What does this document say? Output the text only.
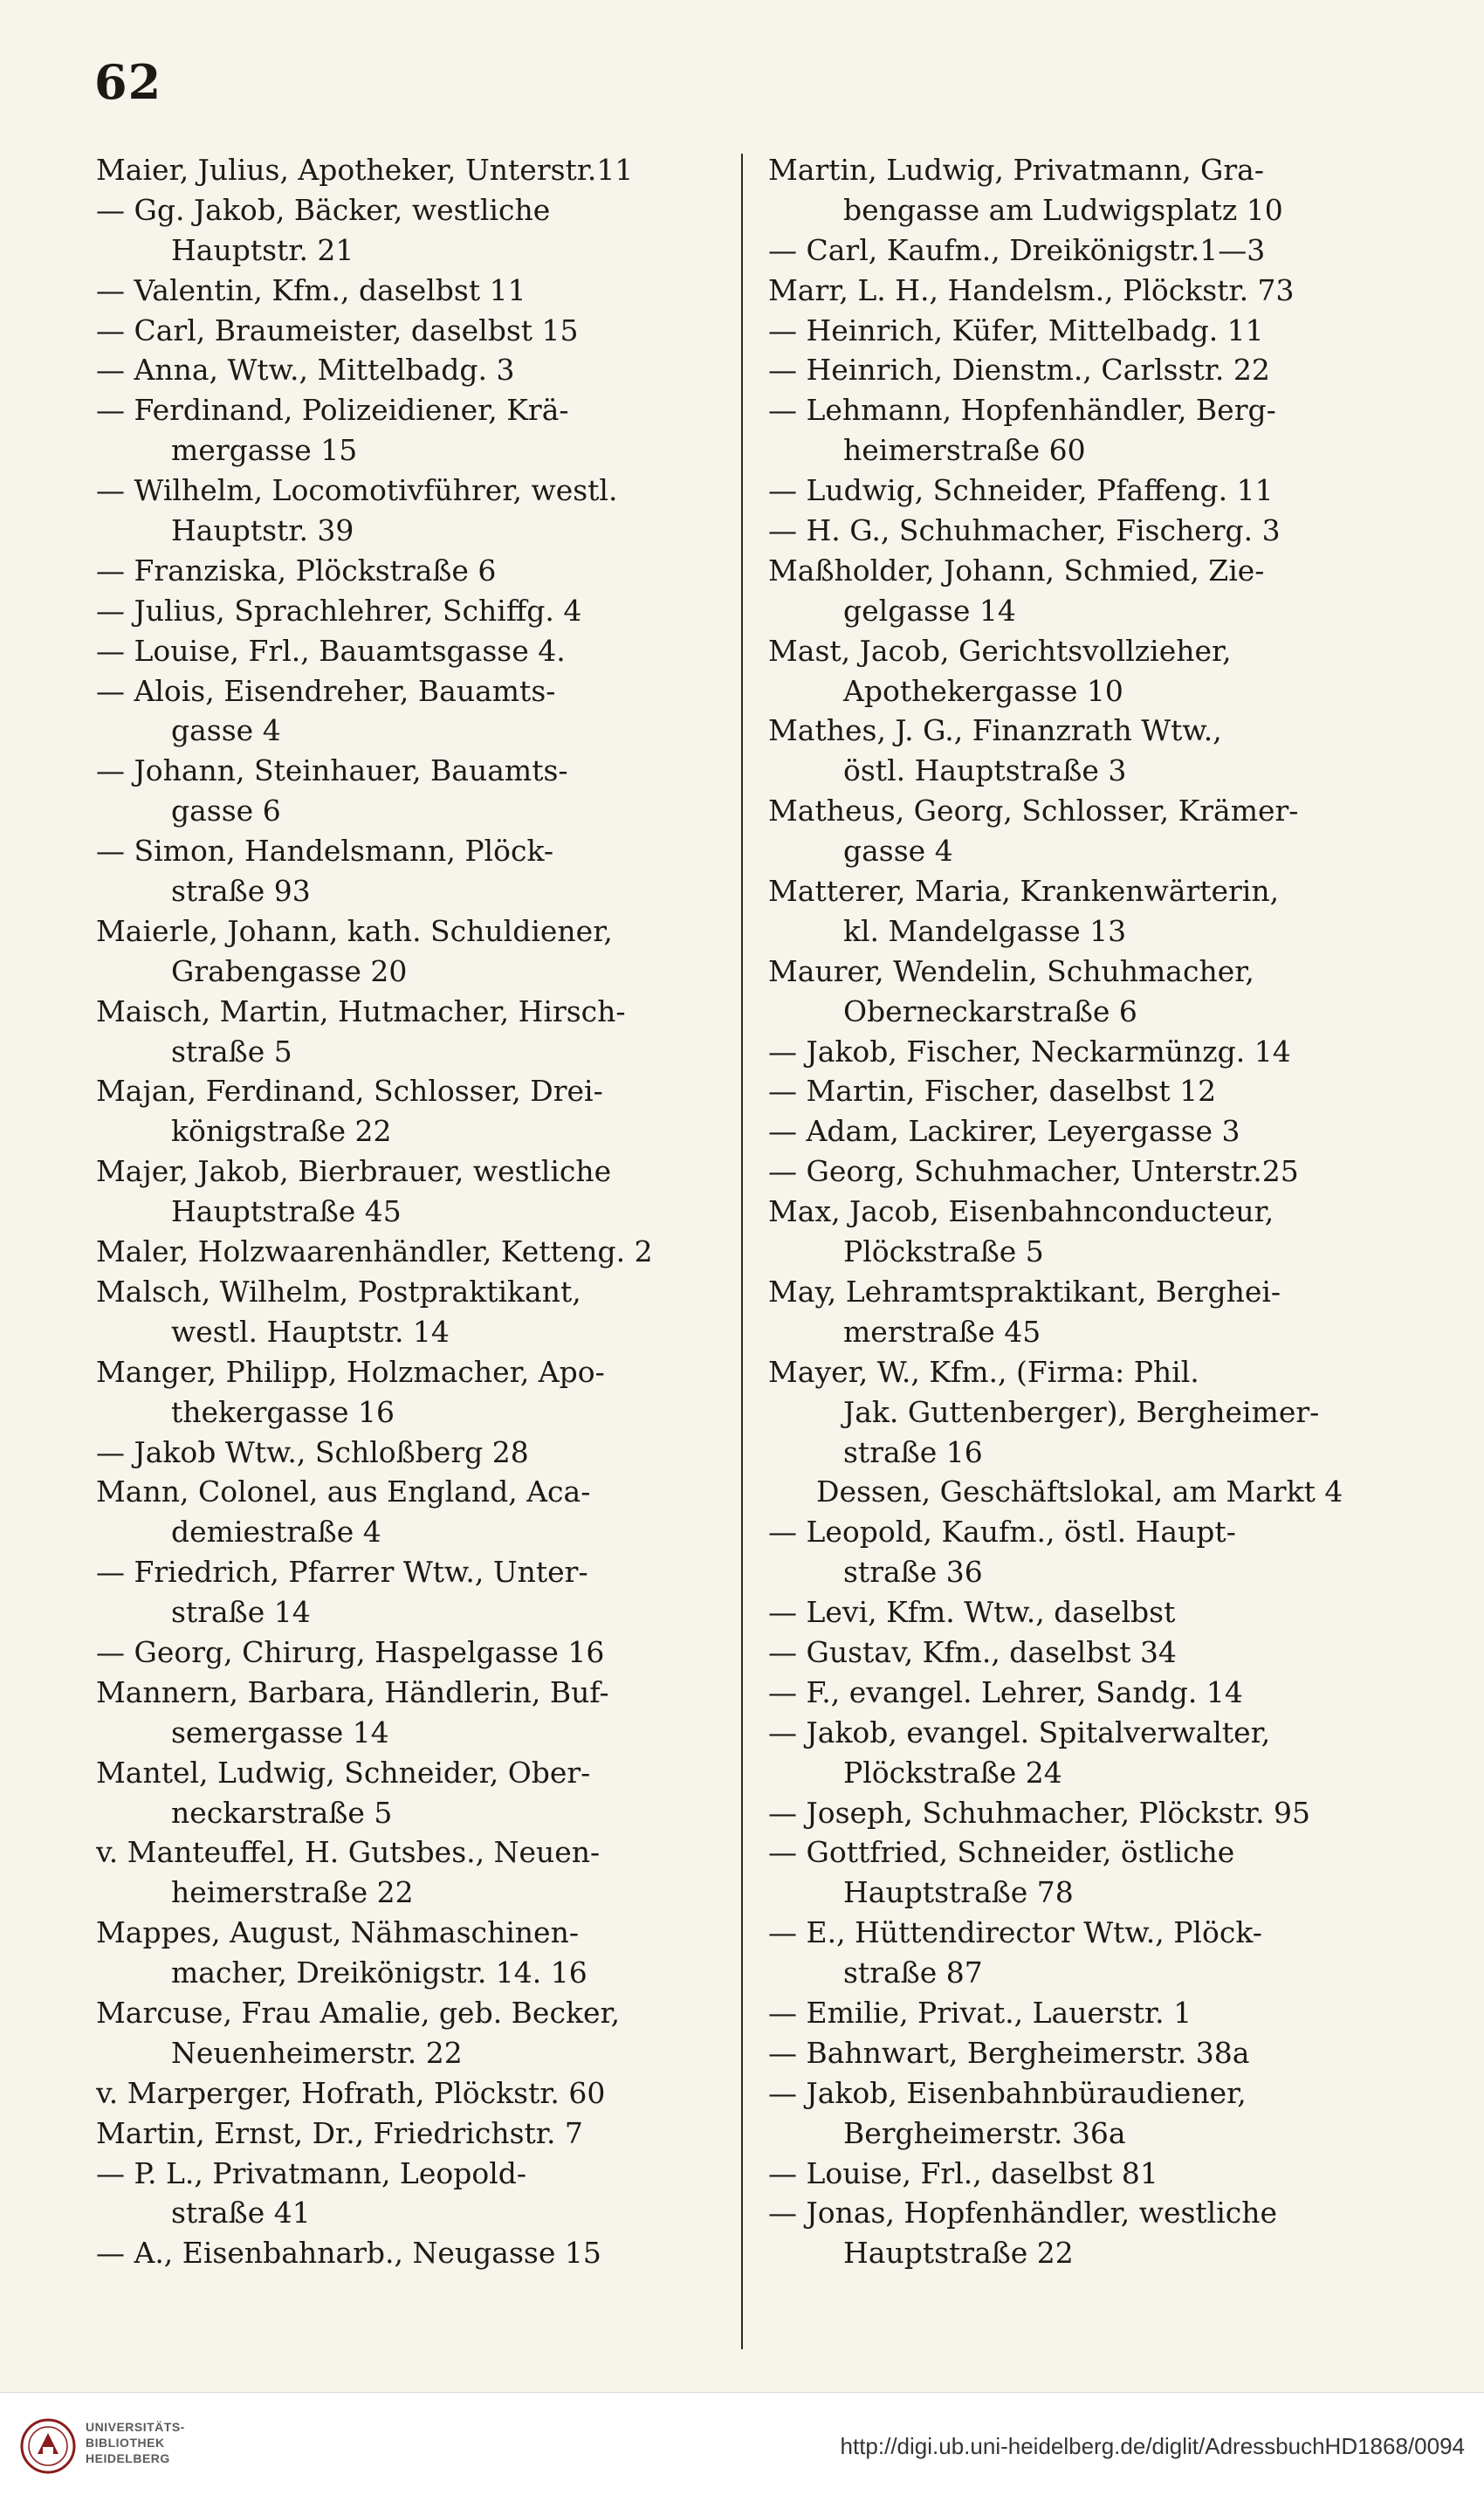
62
Maier, Julius, Apotheker, Unterstr.11
— Gg. Jakob, Bäcker, westliche
Hauptstr. 21
— Valentin, Kfm., daselbst 11
— Carl, Braumeister, daselbst 15
— Anna, Wtw., Mittelbadg. 3
— Ferdinand, Polizeidiener, Krä-
mergasse 15
— Wilhelm, Locomotivführer, westl.
Hauptstr. 39
— Franziska, Plöckstraße 6
— Julius, Sprachlehrer, Schiffg. 4
— Louise, Frl., Bauamtsgasse 4.
— Alois, Eisendreher, Bauamts-
gasse 4
— Johann, Steinhauer, Bauamts-
gasse 6
— Simon, Handelsmann, Plöck-
straße 93
Maierle, Johann, kath. Schuldiener,
Grabengasse 20
Maisch, Martin, Hutmacher, Hirsch-
straße 5
Majan, Ferdinand, Schlosser, Drei-
königstraße 22
Majer, Jakob, Bierbrauer, westliche
Hauptstraße 45
Maler, Holzwaarenhändler, Ketteng. 2
Malsch, Wilhelm, Postpraktikant,
westl. Hauptstr. 14
Manger, Philipp, Holzmacher, Apo-
thekergasse 16
— Jakob Wtw., Schloßberg 28
Mann, Colonel, aus England, Aca-
demiestraße 4
— Friedrich, Pfarrer Wtw., Unter-
straße 14
— Georg, Chirurg, Haspelgasse 16
Mannern, Barbara, Händlerin, Buf-
semergasse 14
Mantel, Ludwig, Schneider, Ober-
neckarstraße 5
v. Manteuffel, H. Gutsbes., Neuen-
heimerstraße 22
Mappes, August, Nähmaschinen-
macher, Dreikönigstr. 14. 16
Marcuse, Frau Amalie, geb. Becker,
Neuenheimerstr. 22
v. Marperger, Hofrath, Plöckstr. 60
Martin, Ernst, Dr., Friedrichstr. 7
— P. L., Privatmann, Leopold-
straße 41
— A., Eisenbahnarb., Neugasse 15
Martin, Ludwig, Privatmann, Gra-
bengasse am Ludwigsplatz 10
— Carl, Kaufm., Dreikönigstr.1—3
Marr, L. H., Handelsm., Plöckstr. 73
— Heinrich, Küfer, Mittelbadg. 11
— Heinrich, Dienstm., Carlsstr. 22
— Lehmann, Hopfenhändler, Berg-
heimerstraße 60
— Ludwig, Schneider, Pfaffeng. 11
— H. G., Schuhmacher, Fischerg. 3
Maßholder, Johann, Schmied, Zie-
gelgasse 14
Mast, Jacob, Gerichtsvollzieher,
Apothekergasse 10
Mathes, J. G., Finanzrath Wtw.,
östl. Hauptstraße 3
Matheus, Georg, Schlosser, Krämer-
gasse 4
Matterer, Maria, Krankenwärterin,
kl. Mandelgasse 13
Maurer, Wendelin, Schuhmacher,
Oberneckarstraße 6
— Jakob, Fischer, Neckarmünzg. 14
— Martin, Fischer, daselbst 12
— Adam, Lackirer, Leyergasse 3
— Georg, Schuhmacher, Unterstr.25
Max, Jacob, Eisenbahnconducteur,
Plöckstraße 5
May, Lehramtspraktikant, Berghei-
merstraße 45
Mayer, W., Kfm., (Firma: Phil.
Jak. Guttenberger), Bergheimer-
straße 16
Dessen, Geschäftslokal, am Markt 4
— Leopold, Kaufm., östl. Haupt-
straße 36
— Levi, Kfm. Wtw., daselbst
— Gustav, Kfm., daselbst 34
— F., evangel. Lehrer, Sandg. 14
— Jakob, evangel. Spitalverwalter,
Plöckstraße 24
— Joseph, Schuhmacher, Plöckstr. 95
— Gottfried, Schneider, östliche
Hauptstraße 78
— E., Hüttendirector Wtw., Plöck-
straße 87
— Emilie, Privat., Lauerstr. 1
— Bahnwart, Bergheimerstr. 38a
— Jakob, Eisenbahnbüraudiener,
Bergheimerstr. 36a
— Louise, Frl., daselbst 81
— Jonas, Hopfenhändler, westliche
Hauptstraße 22
UNIVERSITÄTS-
BIBLIOTHEK
HEIDELBERG	http://digi.ub.uni-heidelberg.de/diglit/AdressbuchHD1868/0094
